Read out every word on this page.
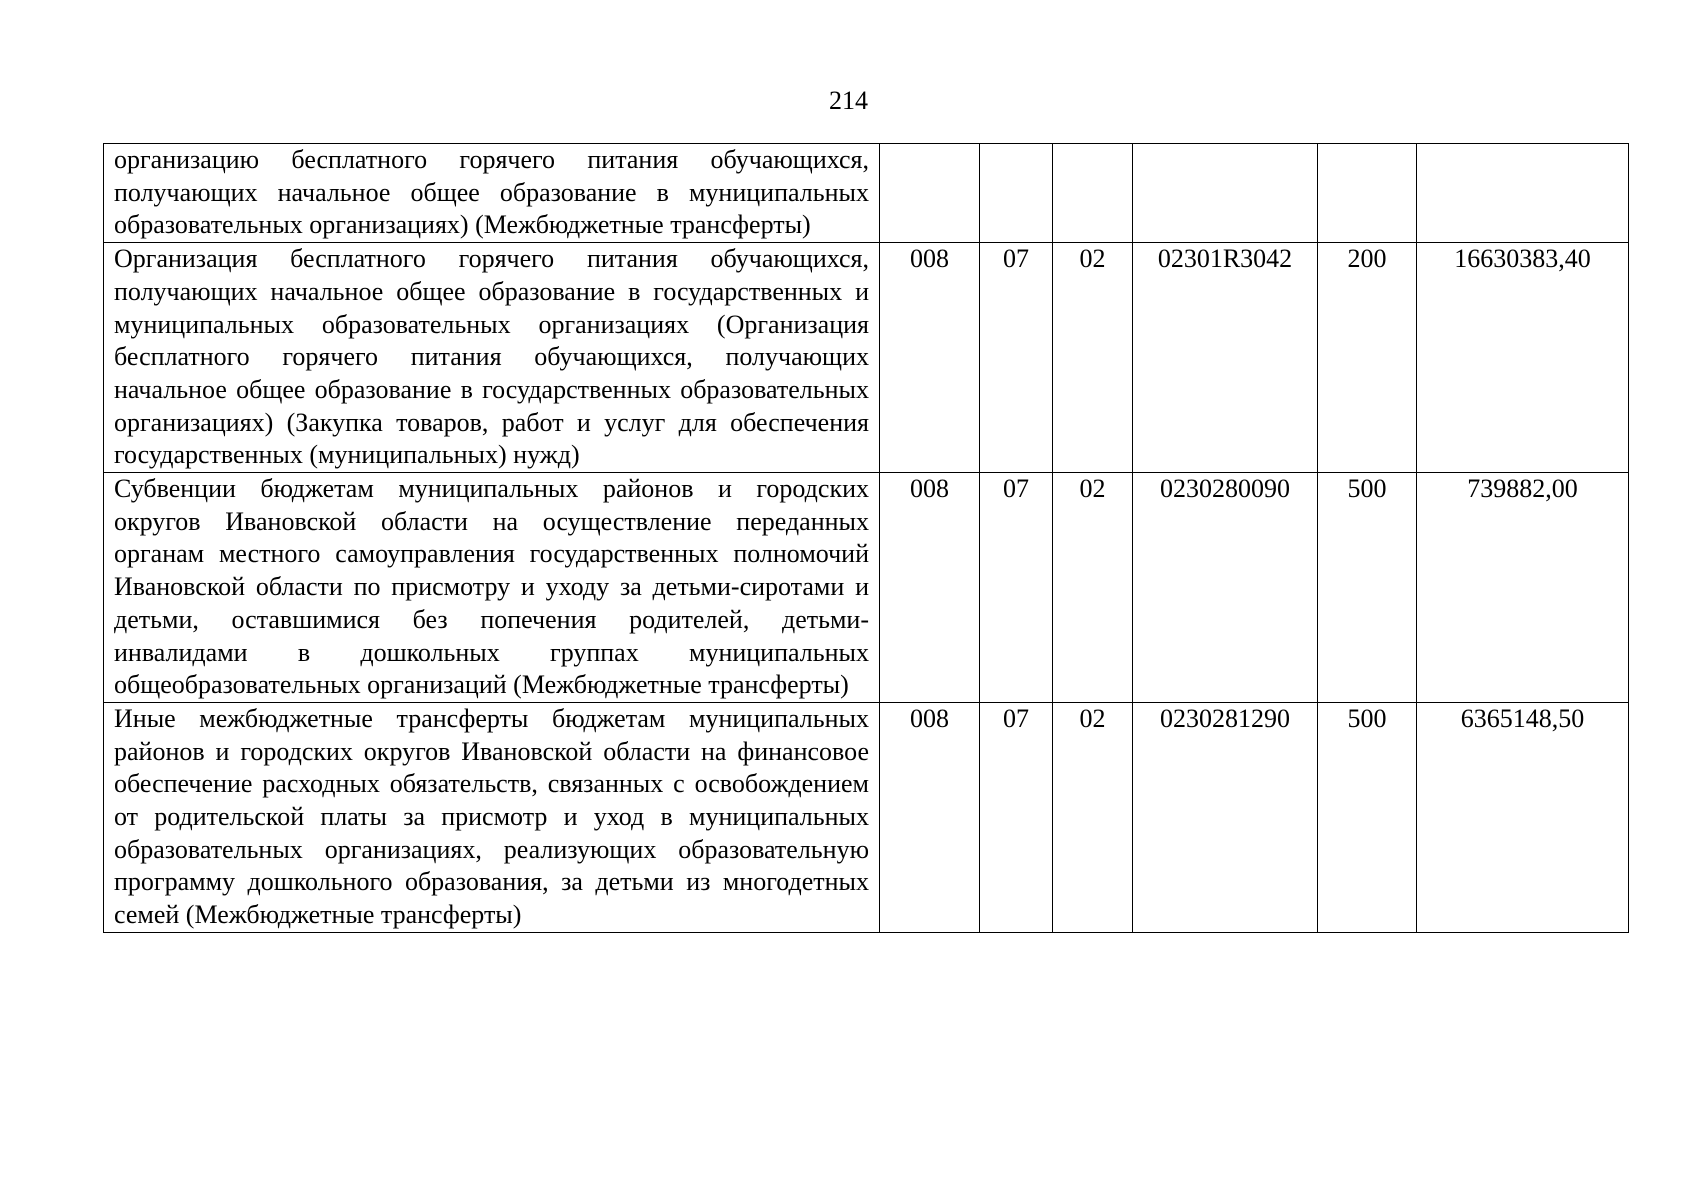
214
организацию бесплатного горячего питания обучающихся, получающих начальное общее образование в муниципальных образовательных организациях) (Межбюджетные трансферты)						
Организация бесплатного горячего питания обучающихся, получающих начальное общее образование в государственных и муниципальных образовательных организациях (Организация бесплатного горячего питания обучающихся, получающих начальное общее образование в государственных образовательных организациях) (Закупка товаров, работ и услуг для обеспечения государственных (муниципальных) нужд)	008	07	02	02301R3042	200	16630383,40
Субвенции бюджетам муниципальных районов и городских округов Ивановской области на осуществление переданных органам местного самоуправления государственных полномочий Ивановской области по присмотру и уходу за детьми-сиротами и детьми, оставшимися без попечения родителей, детьми-инвалидами в дошкольных группах муниципальных общеобразовательных организаций (Межбюджетные трансферты)	008	07	02	0230280090	500	739882,00
Иные межбюджетные трансферты бюджетам муниципальных районов и городских округов Ивановской области на финансовое обеспечение расходных обязательств, связанных с освобождением от родительской платы за присмотр и уход в муниципальных образовательных организациях, реализующих образовательную программу дошкольного образования, за детьми из многодетных семей (Межбюджетные трансферты)	008	07	02	0230281290	500	6365148,50
